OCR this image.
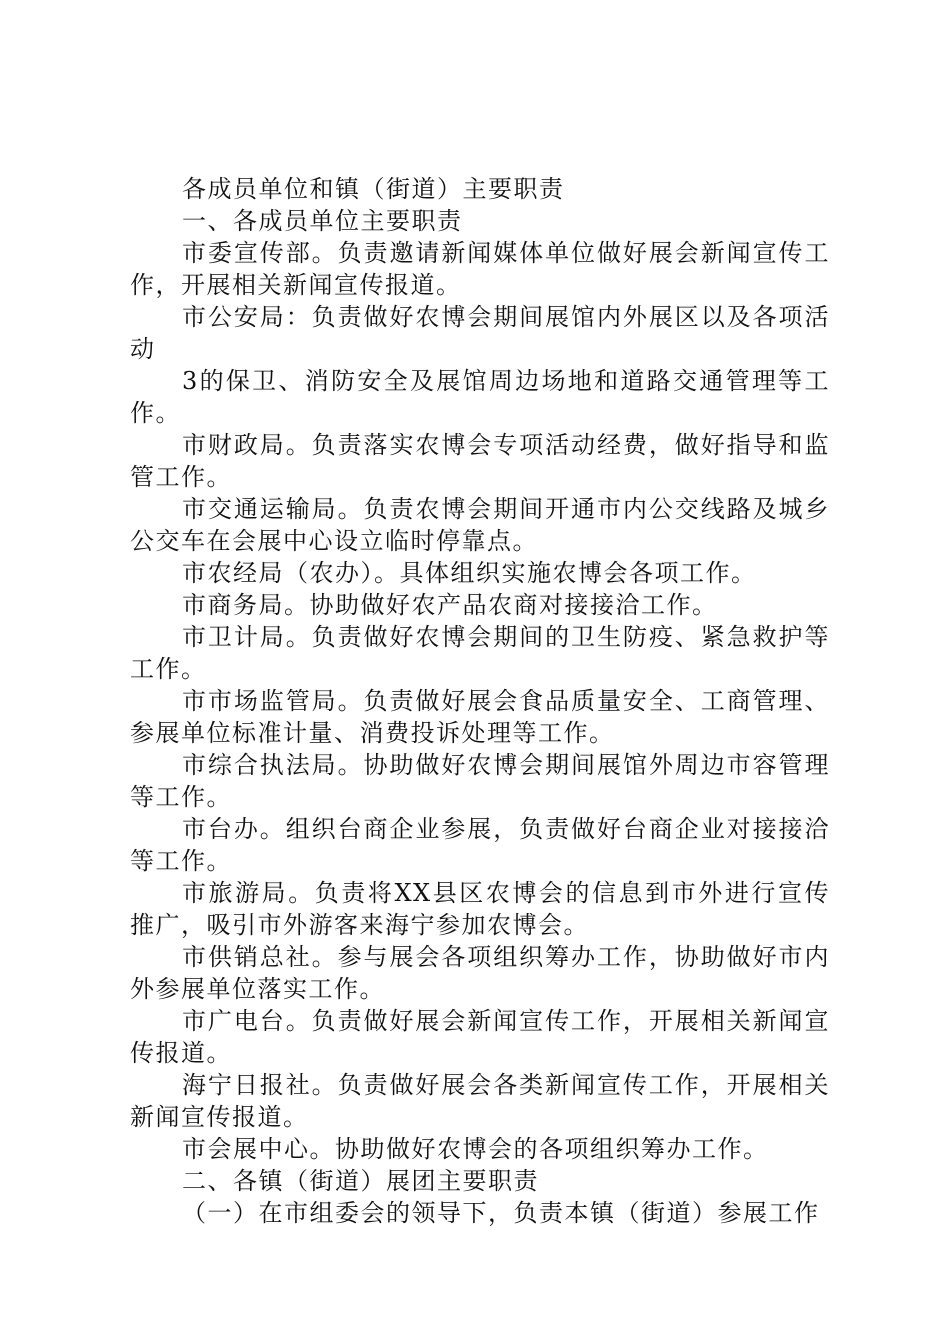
各成员单位和镇（街道）主要职责

一、各成员单位主要职责

市委宣传部。负责邀请新闻媒体单位做好展会新闻宣传工作，开展相关新闻宣传报道。

市公安局：负责做好农博会期间展馆内外展区以及各项活动

3的保卫、消防安全及展馆周边场地和道路交通管理等工作。

市财政局。负责落实农博会专项活动经费，做好指导和监管工作。

市交通运输局。负责农博会期间开通市内公交线路及城乡公交车在会展中心设立临时停靠点。

市农经局（农办）。具体组织实施农博会各项工作。

市商务局。协助做好农产品农商对接接洽工作。

市卫计局。负责做好农博会期间的卫生防疫、紧急救护等工作。

市市场监管局。负责做好展会食品质量安全、工商管理、参展单位标准计量、消费投诉处理等工作。

市综合执法局。协助做好农博会期间展馆外周边市容管理等工作。

市台办。组织台商企业参展，负责做好台商企业对接接洽等工作。

市旅游局。负责将XX县区农博会的信息到市外进行宣传推广，吸引市外游客来海宁参加农博会。

市供销总社。参与展会各项组织筹办工作，协助做好市内外参展单位落实工作。

市广电台。负责做好展会新闻宣传工作，开展相关新闻宣传报道。

海宁日报社。负责做好展会各类新闻宣传工作，开展相关新闻宣传报道。

市会展中心。协助做好农博会的各项组织筹办工作。

二、各镇（街道）展团主要职责

（一）在市组委会的领导下，负责本镇（街道）参展工作
